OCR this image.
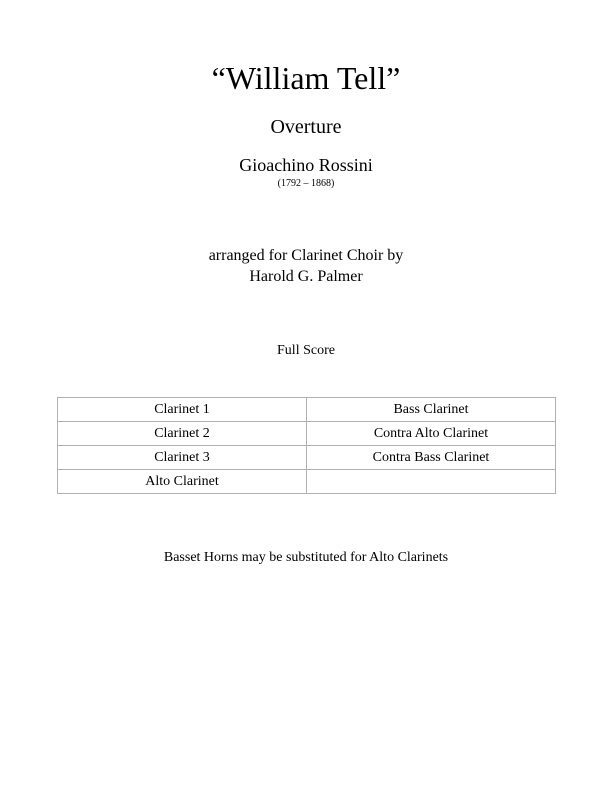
“William Tell”
Overture
Gioachino Rossini
(1792 – 1868)
arranged for Clarinet Choir by
Harold G. Palmer
Full Score
Clarinet 1	Bass Clarinet
Clarinet 2	Contra Alto Clarinet
Clarinet 3	Contra Bass Clarinet
Alto Clarinet	
Basset Horns may be substituted for Alto Clarinets
